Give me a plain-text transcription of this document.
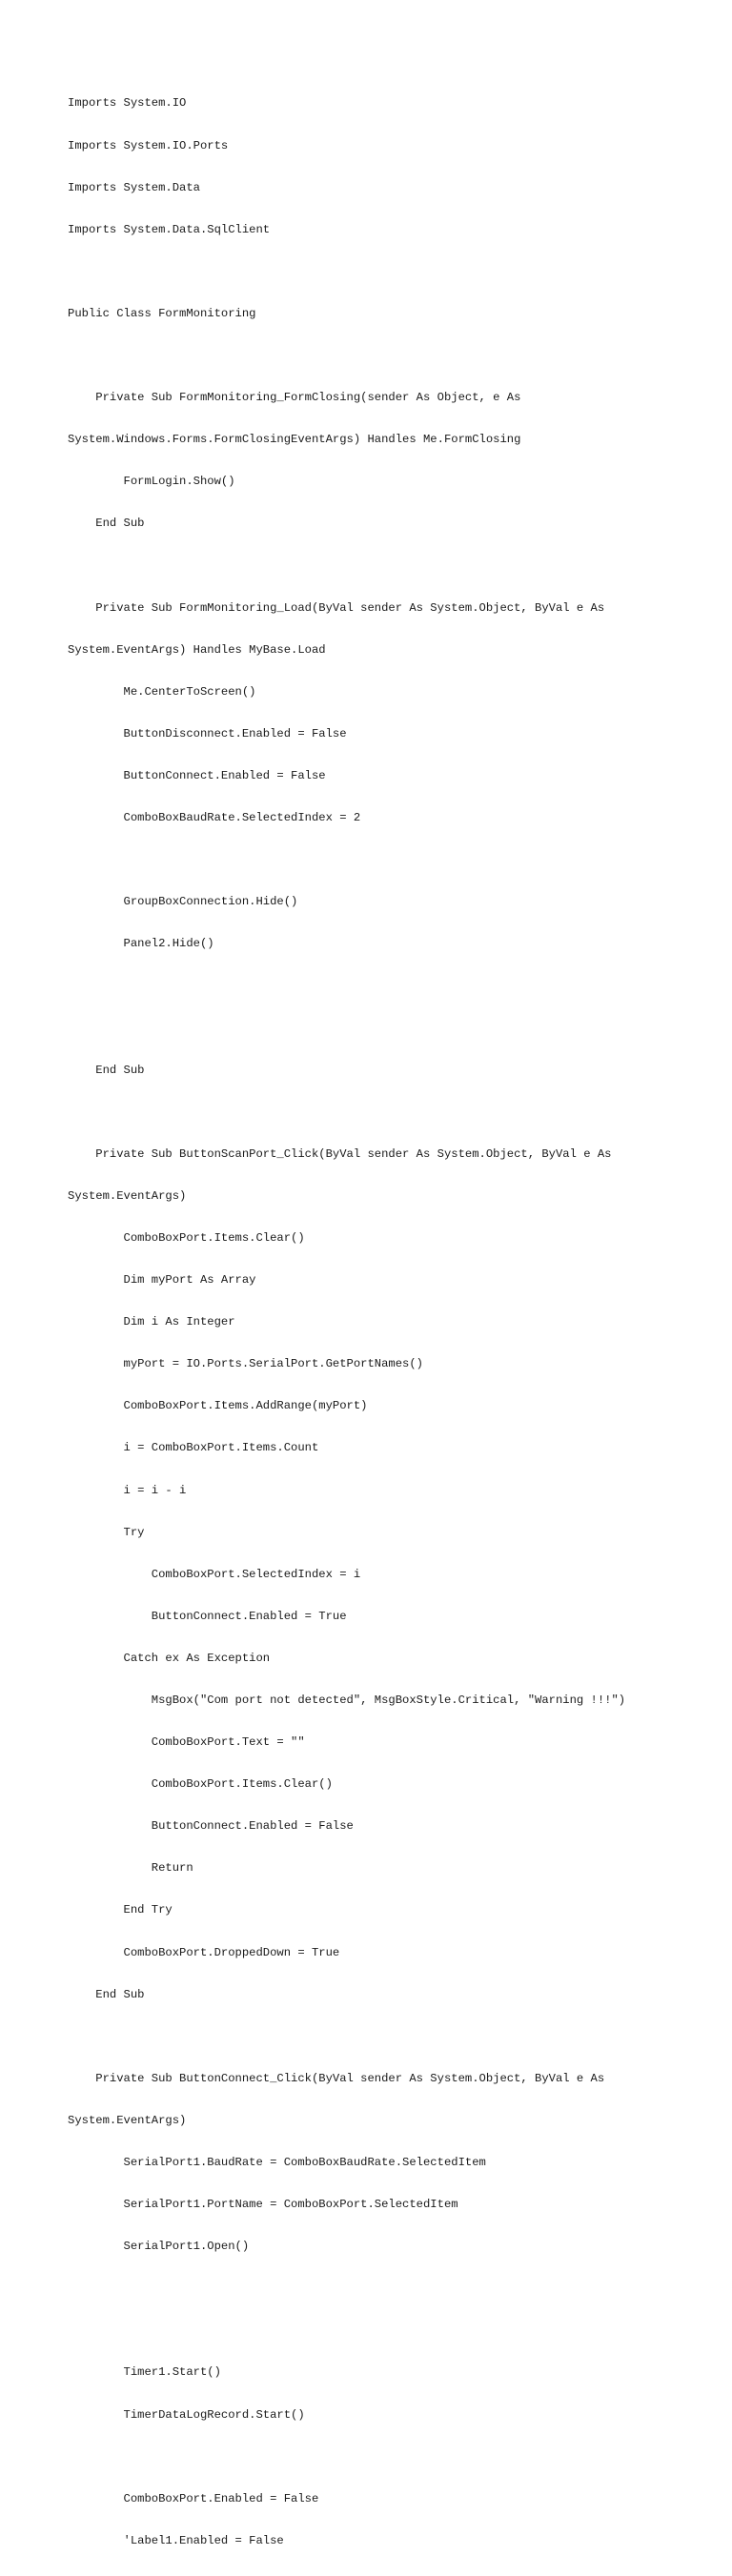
Imports System.IO

Imports System.IO.Ports

Imports System.Data

Imports System.Data.SqlClient

Public Class FormMonitoring

Private Sub FormMonitoring_FormClosing(sender As Object, e As

System.Windows.Forms.FormClosingEventArgs) Handles Me.FormClosing

FormLogin.Show()

End Sub

Private Sub FormMonitoring_Load(ByVal sender As System.Object, ByVal e As

System.EventArgs) Handles MyBase.Load

Me.CenterToScreen()

ButtonDisconnect.Enabled = False

ButtonConnect.Enabled = False

ComboBoxBaudRate.SelectedIndex = 2

GroupBoxConnection.Hide()

Panel2.Hide()

End Sub

Private Sub ButtonScanPort_Click(ByVal sender As System.Object, ByVal e As

System.EventArgs)

ComboBoxPort.Items.Clear()

Dim myPort As Array

Dim i As Integer

myPort = IO.Ports.SerialPort.GetPortNames()

ComboBoxPort.Items.AddRange(myPort)

i = ComboBoxPort.Items.Count

i = i - i

Try

ComboBoxPort.SelectedIndex = i

ButtonConnect.Enabled = True

Catch ex As Exception

MsgBox("Com port not detected", MsgBoxStyle.Critical, "Warning !!!")

ComboBoxPort.Text = ""

ComboBoxPort.Items.Clear()

ButtonConnect.Enabled = False

Return

End Try

ComboBoxPort.DroppedDown = True

End Sub

Private Sub ButtonConnect_Click(ByVal sender As System.Object, ByVal e As

System.EventArgs)

SerialPort1.BaudRate = ComboBoxBaudRate.SelectedItem

SerialPort1.PortName = ComboBoxPort.SelectedItem

SerialPort1.Open()

Timer1.Start()

TimerDataLogRecord.Start()

ComboBoxPort.Enabled = False

'Label1.Enabled = False
